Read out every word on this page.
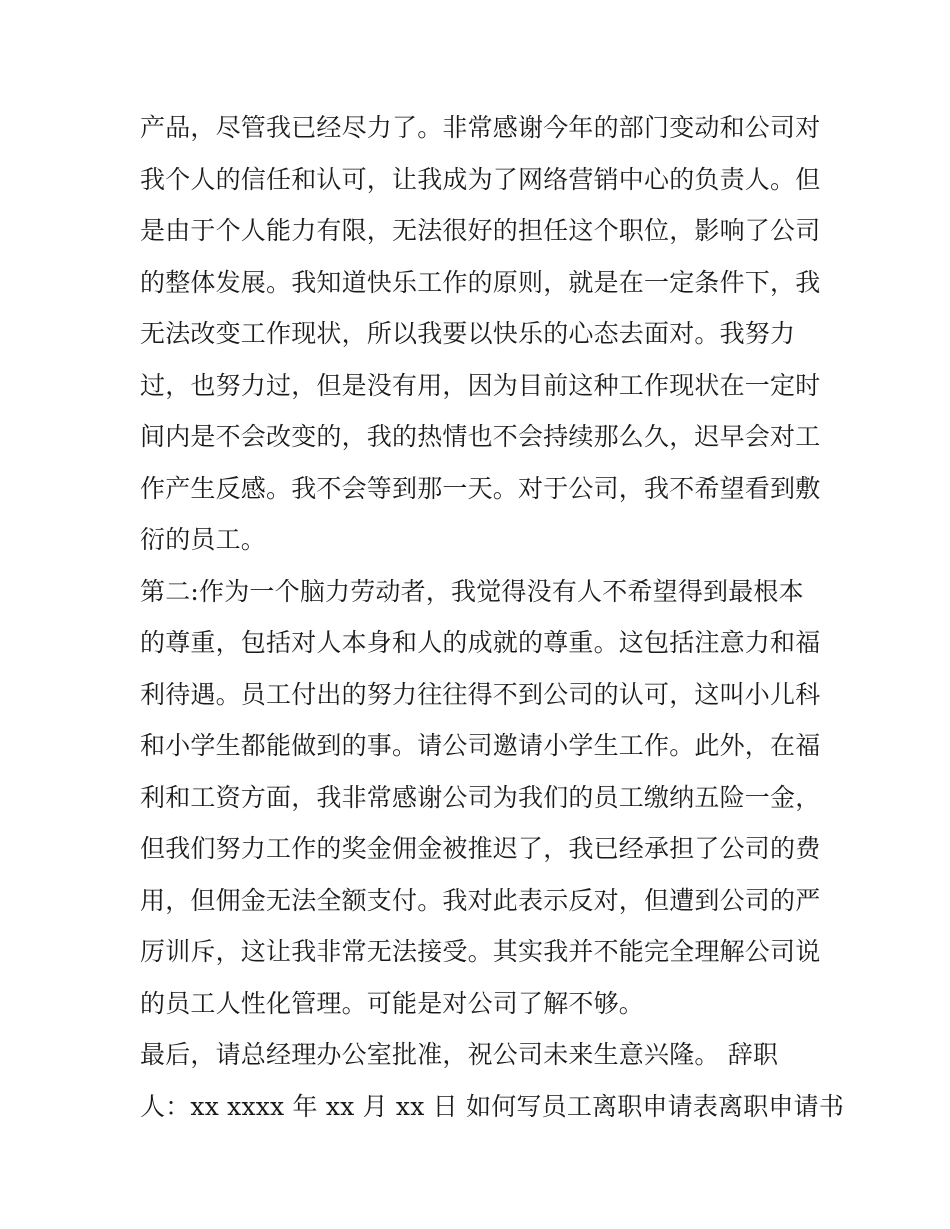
产品，尽管我已经尽力了。非常感谢今年的部门变动和公司对
我个人的信任和认可，让我成为了网络营销中心的负责人。但
是由于个人能力有限，无法很好的担任这个职位，影响了公司
的整体发展。我知道快乐工作的原则，就是在一定条件下，我
无法改变工作现状，所以我要以快乐的心态去面对。我努力
过，也努力过，但是没有用，因为目前这种工作现状在一定时
间内是不会改变的，我的热情也不会持续那么久，迟早会对工
作产生反感。我不会等到那一天。对于公司，我不希望看到敷
衍的员工。
第二:作为一个脑力劳动者，我觉得没有人不希望得到最根本
的尊重，包括对人本身和人的成就的尊重。这包括注意力和福
利待遇。员工付出的努力往往得不到公司的认可，这叫小儿科
和小学生都能做到的事。请公司邀请小学生工作。此外，在福
利和工资方面，我非常感谢公司为我们的员工缴纳五险一金，
但我们努力工作的奖金佣金被推迟了，我已经承担了公司的费
用，但佣金无法全额支付。我对此表示反对，但遭到公司的严
厉训斥，这让我非常无法接受。其实我并不能完全理解公司说
的员工人性化管理。可能是对公司了解不够。
最后，请总经理办公室批准，祝公司未来生意兴隆。 辞职
人：xx xxxx 年 xx 月 xx 日 如何写员工离职申请表离职申请书
